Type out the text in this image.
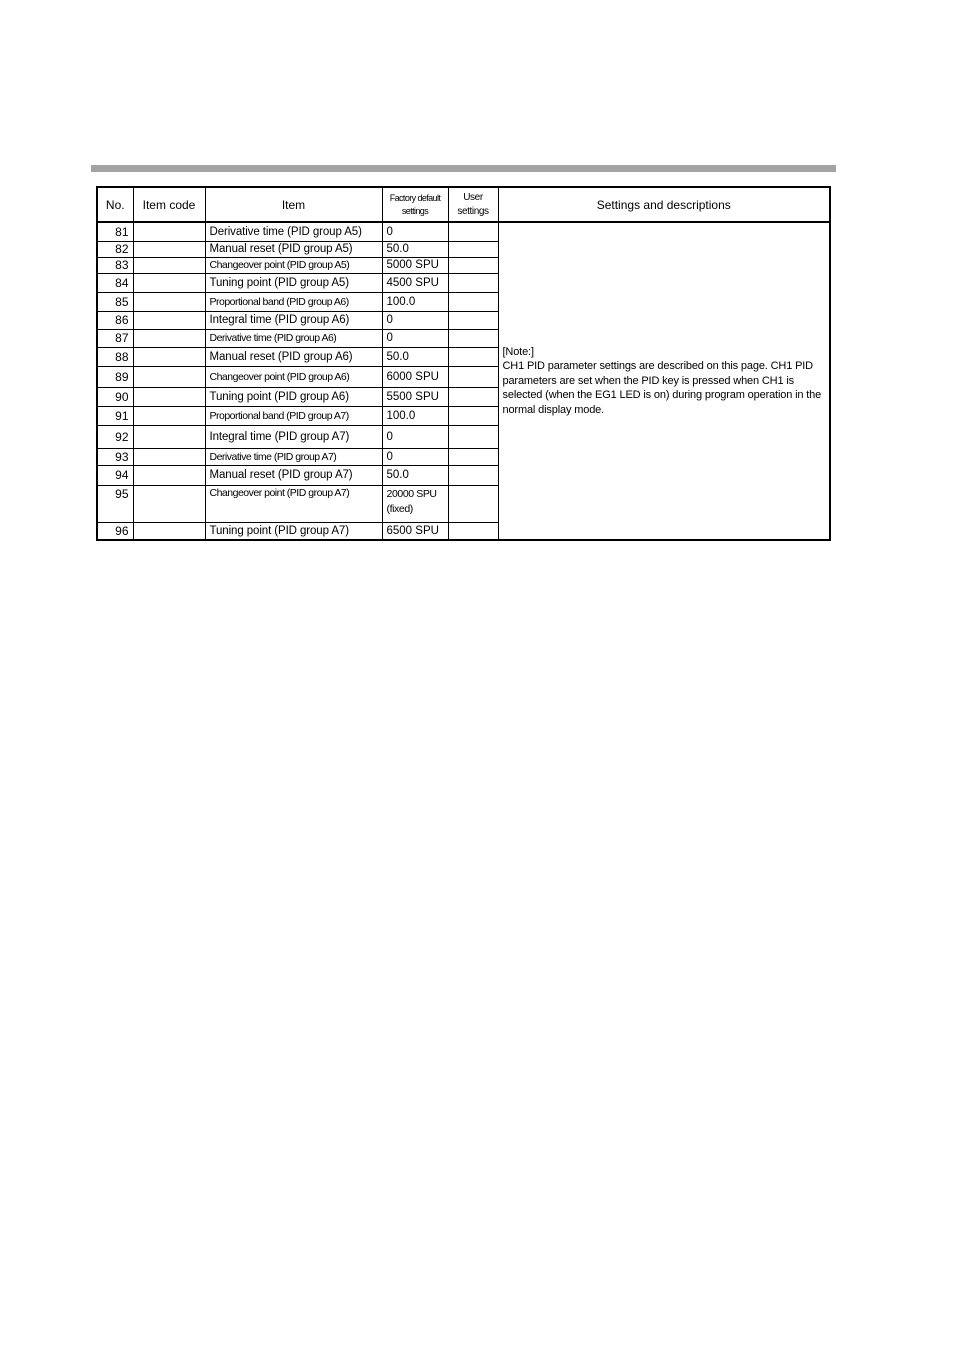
No.	Item code	Item	Factory default settings	User settings	Settings and descriptions
81		Derivative time (PID group A5)	0		[Note:]
CH1 PID parameter settings are described on this page. CH1 PID parameters are set when the PID key is pressed when CH1 is selected (when the EG1 LED is on) during program operation in the normal display mode.

82		Manual reset (PID group A5)	50.0		
83		Changeover point (PID group A5)	5000 SPU		
84		Tuning point (PID group A5)	4500 SPU		
85		Proportional band (PID group A6)	100.0		
86		Integral time (PID group A6)	0		
87		Derivative time (PID group A6)	0		
88		Manual reset (PID group A6)	50.0		
89		Changeover point (PID group A6)	6000 SPU		
90		Tuning point (PID group A6)	5500 SPU		
91		Proportional band (PID group A7)	100.0		
92		Integral time (PID group A7)	0		
93		Derivative time (PID group A7)	0		
94		Manual reset (PID group A7)	50.0		
95		Changeover point (PID group A7)	20000 SPU (fixed)		
96		Tuning point (PID group A7)	6500 SPU		
